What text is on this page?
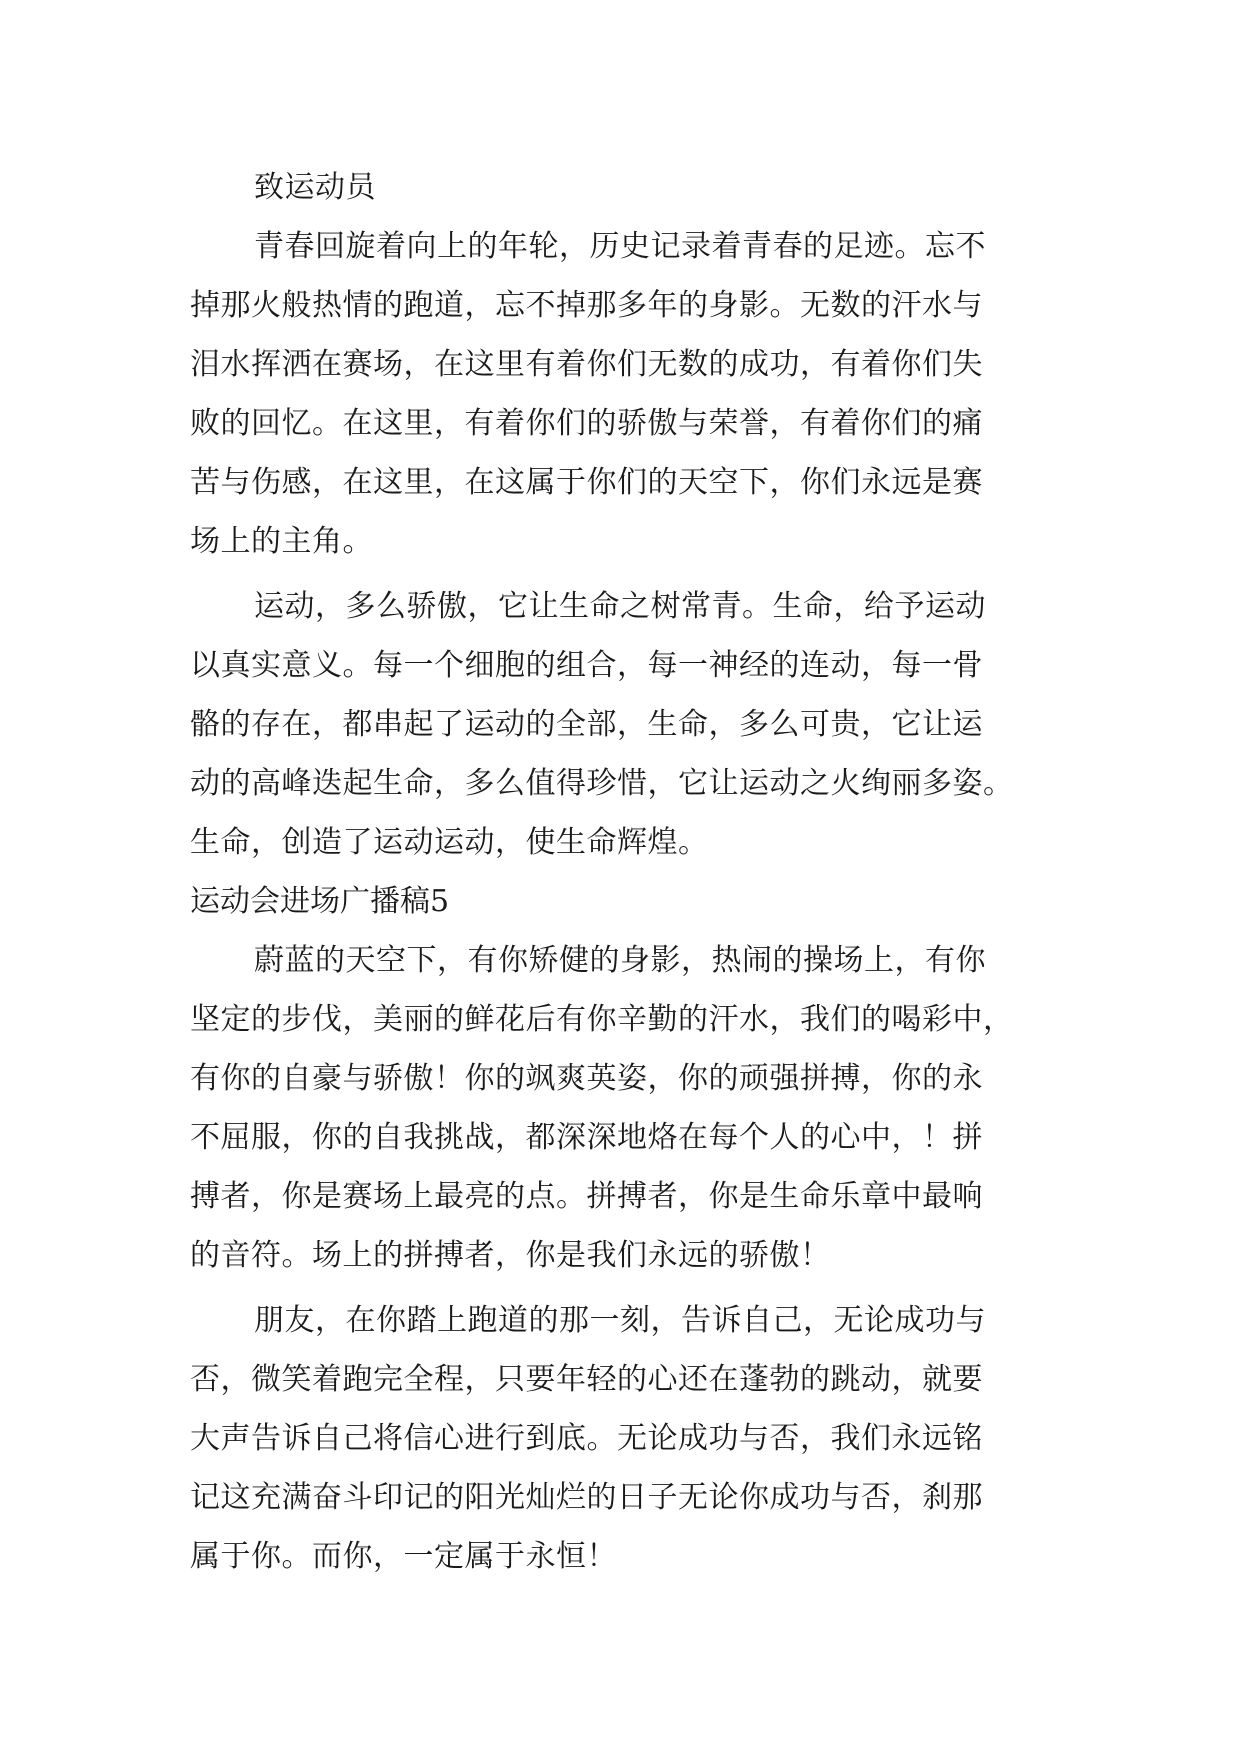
致运动员
青春回旋着向上的年轮，历史记录着青春的足迹。忘不
掉那火般热情的跑道，忘不掉那多年的身影。无数的汗水与
泪水挥洒在赛场，在这里有着你们无数的成功，有着你们失
败的回忆。在这里，有着你们的骄傲与荣誉，有着你们的痛
苦与伤感，在这里，在这属于你们的天空下，你们永远是赛
场上的主角。
运动，多么骄傲，它让生命之树常青。生命，给予运动
以真实意义。每一个细胞的组合，每一神经的连动，每一骨
骼的存在，都串起了运动的全部，生命，多么可贵，它让运
动的高峰迭起生命，多么值得珍惜，它让运动之火绚丽多姿。
生命，创造了运动运动，使生命辉煌。
运动会进场广播稿5
蔚蓝的天空下，有你矫健的身影，热闹的操场上，有你
坚定的步伐，美丽的鲜花后有你辛勤的汗水，我们的喝彩中，
有你的自豪与骄傲！你的飒爽英姿，你的顽强拼搏，你的永
不屈服，你的自我挑战，都深深地烙在每个人的心中，！拼
搏者，你是赛场上最亮的点。拼搏者，你是生命乐章中最响
的音符。场上的拼搏者，你是我们永远的骄傲！
朋友，在你踏上跑道的那一刻，告诉自己，无论成功与
否，微笑着跑完全程，只要年轻的心还在蓬勃的跳动，就要
大声告诉自己将信心进行到底。无论成功与否，我们永远铭
记这充满奋斗印记的阳光灿烂的日子无论你成功与否，刹那
属于你。而你，一定属于永恒！
